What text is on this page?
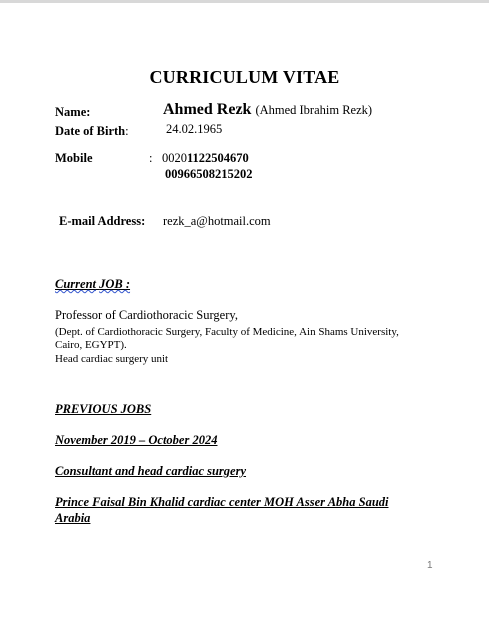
CURRICULUM VITAE
Name:	Ahmed Rezk (Ahmed Ibrahim Rezk)
Date of Birth:	24.02.1965
Mobile	: 00201122504670
00966508215202
E-mail Address: rezk_a@hotmail.com
Current JOB :
Professor of Cardiothoracic Surgery,
(Dept. of Cardiothoracic Surgery, Faculty of Medicine, Ain Shams University,
Cairo, EGYPT).
Head cardiac surgery unit
PREVIOUS JOBS
November 2019 – October 2024
Consultant and head cardiac surgery
Prince Faisal Bin Khalid cardiac center MOH Asser Abha Saudi
Arabia
1
